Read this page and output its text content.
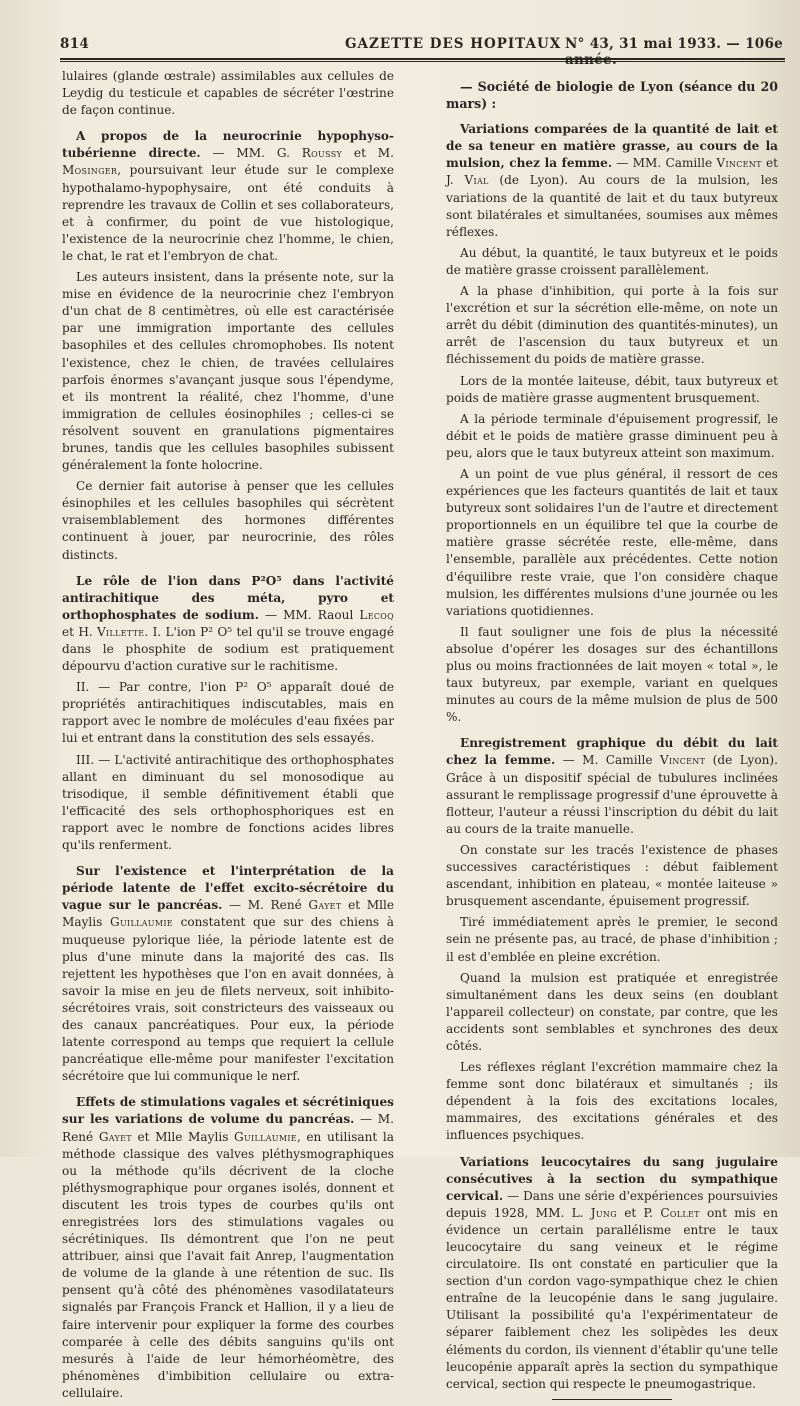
814	GAZETTE DES HOPITAUX N° 43, 31 mai 1933. — 106e année.

lulaires (glande œstrale) assimilables aux cellules de Leydig du testicule et capables de sécréter l'œstrine de façon continue.

A propos de la neurocrinie hypophyso-tubérienne directe. — MM. G. Roussy et M. Mosinger, poursuivant leur étude sur le complexe hypothalamo-hypophysaire, ont été conduits à reprendre les travaux de Collin et ses collaborateurs, et à confirmer, du point de vue histologique, l'existence de la neurocrinie chez l'homme, le chien, le chat, le rat et l'embryon de chat.

Les auteurs insistent, dans la présente note, sur la mise en évidence de la neurocrinie chez l'embryon d'un chat de 8 centimètres, où elle est caractérisée par une immigration importante des cellules basophiles et des cellules chromophobes. Ils notent l'existence, chez le chien, de travées cellulaires parfois énormes s'avançant jusque sous l'épendyme, et ils montrent la réalité, chez l'homme, d'une immigration de cellules éosinophiles ; celles-ci se résolvent souvent en granulations pigmentaires brunes, tandis que les cellules basophiles subissent généralement la fonte holocrine.

Ce dernier fait autorise à penser que les cellules ésinophiles et les cellules basophiles qui sécrètent vraisemblablement des hormones différentes continuent à jouer, par neurocrinie, des rôles distincts.

Le rôle de l'ion dans P²O⁵ dans l'activité antirachitique des méta, pyro et orthophosphates de sodium. — MM. Raoul Lecoq et H. Villette. I. L'ion P² O⁵ tel qu'il se trouve engagé dans le phosphite de sodium est pratiquement dépourvu d'action curative sur le rachitisme.

II. — Par contre, l'ion P² O⁵ apparaît doué de propriétés antirachitiques indiscutables, mais en rapport avec le nombre de molécules d'eau fixées par lui et entrant dans la constitution des sels essayés.

III. — L'activité antirachitique des orthophosphates allant en diminuant du sel monosodique au trisodique, il semble définitivement établi que l'efficacité des sels orthophosphoriques est en rapport avec le nombre de fonctions acides libres qu'ils renferment.

Sur l'existence et l'interprétation de la période latente de l'effet excito-sécrétoire du vague sur le pancréas. — M. René Gayet et Mlle Maylis Guillaumie constatent que sur des chiens à muqueuse pylorique liée, la période latente est de plus d'une minute dans la majorité des cas. Ils rejettent les hypothèses que l'on en avait données, à savoir la mise en jeu de filets nerveux, soit inhibito-sécrétoires vrais, soit constricteurs des vaisseaux ou des canaux pancréatiques. Pour eux, la période latente correspond au temps que requiert la cellule pancréatique elle-même pour manifester l'excitation sécrétoire que lui communique le nerf.

Effets de stimulations vagales et sécrétiniques sur les variations de volume du pancréas. — M. René Gayet et Mlle Maylis Guillaumie, en utilisant la méthode classique des valves pléthysmographiques ou la méthode qu'ils décrivent de la cloche pléthysmographique pour organes isolés, donnent et discutent les trois types de courbes qu'ils ont enregistrées lors des stimulations vagales ou sécrétiniques. Ils démontrent que l'on ne peut attribuer, ainsi que l'avait fait Anrep, l'augmentation de volume de la glande à une rétention de suc. Ils pensent qu'à côté des phénomènes vasodilatateurs signalés par François Franck et Hallion, il y a lieu de faire intervenir pour expliquer la forme des courbes comparée à celle des débits sanguins qu'ils ont mesurés à l'aide de leur hémorhéomètre, des phénomènes d'imbibition cellulaire ou extra-cellulaire.

— Société de biologie de Lyon (séance du 20 mars) :

Variations comparées de la quantité de lait et de sa teneur en matière grasse, au cours de la mulsion, chez la femme. — MM. Camille Vincent et J. Vial (de Lyon). Au cours de la mulsion, les variations de la quantité de lait et du taux butyreux sont bilatérales et simultanées, soumises aux mêmes réflexes.

Au début, la quantité, le taux butyreux et le poids de matière grasse croissent parallèlement.

A la phase d'inhibition, qui porte à la fois sur l'excrétion et sur la sécrétion elle-même, on note un arrêt du débit (diminution des quantités-minutes), un arrêt de l'ascension du taux butyreux et un fléchissement du poids de matière grasse.

Lors de la montée laiteuse, débit, taux butyreux et poids de matière grasse augmentent brusquement.

A la période terminale d'épuisement progressif, le débit et le poids de matière grasse diminuent peu à peu, alors que le taux butyreux atteint son maximum.

A un point de vue plus général, il ressort de ces expériences que les facteurs quantités de lait et taux butyreux sont solidaires l'un de l'autre et directement proportionnels en un équilibre tel que la courbe de matière grasse sécrétée reste, elle-même, dans l'ensemble, parallèle aux précédentes. Cette notion d'équilibre reste vraie, que l'on considère chaque mulsion, les différentes mulsions d'une journée ou les variations quotidiennes.

Il faut souligner une fois de plus la nécessité absolue d'opérer les dosages sur des échantillons plus ou moins fractionnées de lait moyen « total », le taux butyreux, par exemple, variant en quelques minutes au cours de la même mulsion de plus de 500 %.

Enregistrement graphique du débit du lait chez la femme. — M. Camille Vincent (de Lyon). Grâce à un dispositif spécial de tubulures inclinées assurant le remplissage progressif d'une éprouvette à flotteur, l'auteur a réussi l'inscription du débit du lait au cours de la traite manuelle.

On constate sur les tracés l'existence de phases successives caractéristiques : début faiblement ascendant, inhibition en plateau, « montée laiteuse » brusquement ascendante, épuisement progressif.

Tiré immédiatement après le premier, le second sein ne présente pas, au tracé, de phase d'inhibition ; il est d'emblée en pleine excrétion.

Quand la mulsion est pratiquée et enregistrée simultanément dans les deux seins (en doublant l'appareil collecteur) on constate, par contre, que les accidents sont semblables et synchrones des deux côtés.

Les réflexes réglant l'excrétion mammaire chez la femme sont donc bilatéraux et simultanés ; ils dépendent à la fois des excitations locales, mammaires, des excitations générales et des influences psychiques.

Variations leucocytaires du sang jugulaire consécutives à la section du sympathique cervical. — Dans une série d'expériences poursuivies depuis 1928, MM. L. Jung et P. Collet ont mis en évidence un certain parallélisme entre le taux leucocytaire du sang veineux et le régime circulatoire. Ils ont constaté en particulier que la section d'un cordon vago-sympathique chez le chien entraîne de la leucopénie dans le sang jugulaire. Utilisant la possibilité qu'a l'expérimentateur de séparer faiblement chez les solipèdes les deux éléments du cordon, ils viennent d'établir qu'une telle leucopénie apparaît après la section du sympathique cervical, section qui respecte le pneumogastrique.
